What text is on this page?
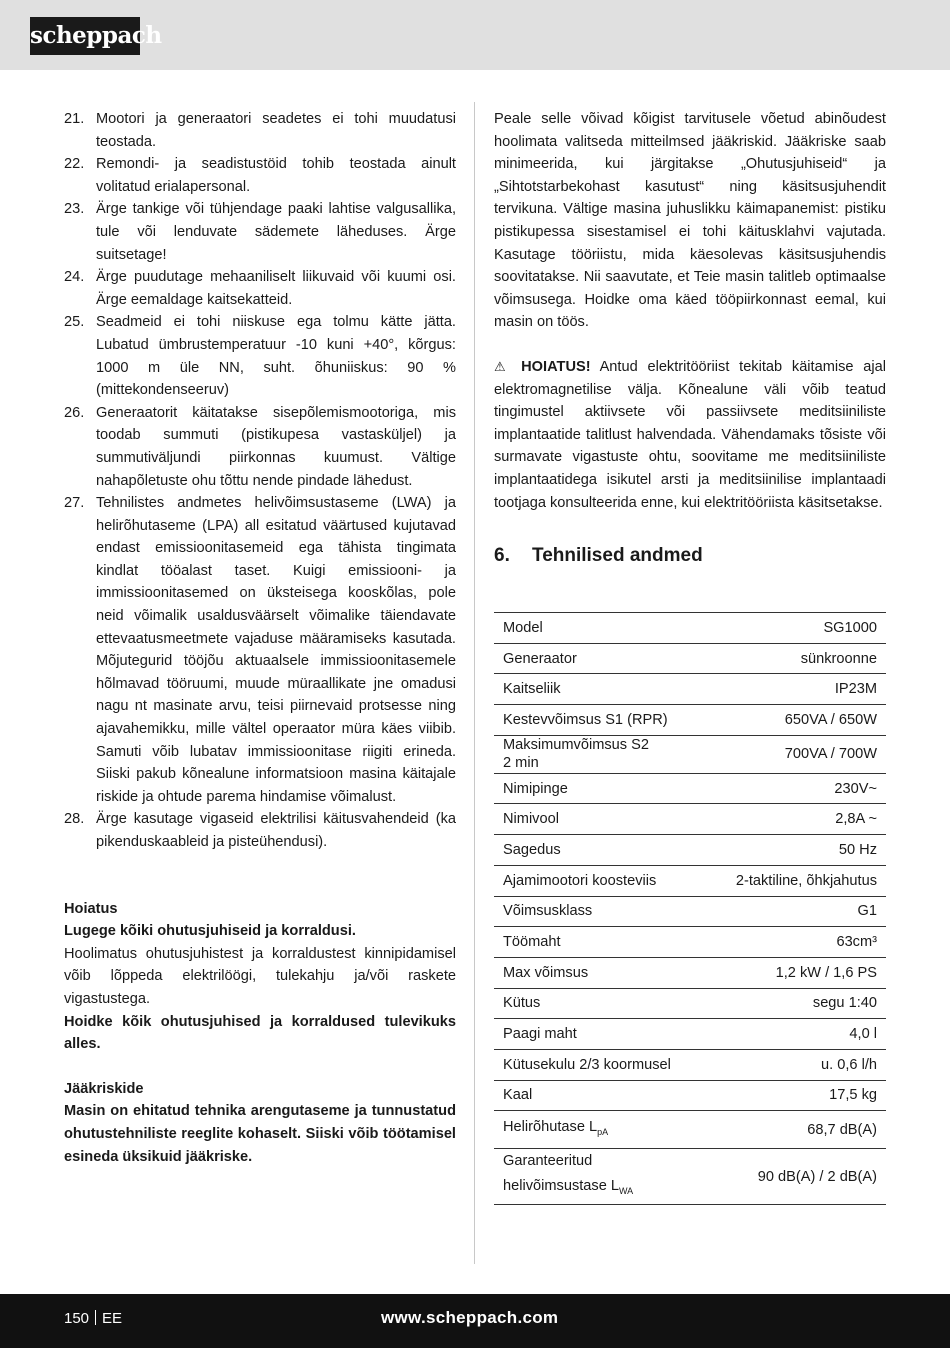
scheppach
21. Mootori ja generaatori seadetes ei tohi muudatusi teostada.
22. Remondi- ja seadistustöid tohib teostada ainult volitatud erialapersonal.
23. Ärge tankige või tühjendage paaki lahtise valgusallika, tule või lenduvate sädemete läheduses. Ärge suitsetage!
24. Ärge puudutage mehaaniliselt liikuvaid või kuumi osi. Ärge eemaldage kaitsekatteid.
25. Seadmeid ei tohi niiskuse ega tolmu kätte jätta. Lubatud ümbrustemperatuur -10 kuni +40°, kõrgus: 1000 m üle NN, suht. õhuniiskus: 90 % (mittekondenseeruv)
26. Generaatorit käitatakse sisepõlemismootoriga, mis toodab summuti (pistikupesa vastasküljel) ja summutiväljundi piirkonnas kuumust. Vältige nahapõletuste ohu tõttu nende pindade lähedust.
27. Tehnilistes andmetes helivõimsustaseme (LWA) ja helirõhutaseme (LPA) all esitatud väärtused kujutavad endast emissioonitasemeid ega tähista tingimata kindlat tööalast taset. Kuigi emissiooni- ja immissioonitasemed on üksteisega kooskõlas, pole neid võimalik usaldusväärselt võimalike täiendavate ettevaatusmeetmete vajaduse määramiseks kasutada. Mõjutegurid tööjõu aktuaalsele immissioonitasemele hõlmavad tööruumi, muude müraallikate jne omadusi nagu nt masinate arvu, teisi piirnevaid protsesse ning ajavahemikku, mille vältel operaator müra käes viibib. Samuti võib lubatav immissioonitase riigiti erineda. Siiski pakub kõnealune informatsioon masina käitajale riskide ja ohtude parema hindamise võimalust.
28. Ärge kasutage vigaseid elektrilisi käitusvahendeid (ka pikenduskaableid ja pisteühendusi).

Hoiatus

Lugege kõiki ohutusjuhiseid ja korraldusi.

Hoolimatus ohutusjuhistest ja korraldustest kinnipidamisel võib lõppeda elektrilöögi, tulekahju ja/või raskete vigastustega.

Hoidke kõik ohutusjuhised ja korraldused tulevikuks alles.

Jääkriskide

Masin on ehitatud tehnika arengutaseme ja tunnustatud ohutustehniliste reeglite kohaselt. Siiski võib töötamisel esineda üksikuid jääkriske.

Peale selle võivad kõigist tarvitusele võetud abinõudest hoolimata valitseda mitteilmsed jääkriskid. Jääkriske saab minimeerida, kui järgitakse „Ohutusjuhiseid“ ja „Sihtotstarbekohast kasutust“ ning käsitsusjuhendit tervikuna. Vältige masina juhuslikku käimapanemist: pistiku pistikupessa sisestamisel ei tohi käitusklahvi vajutada. Kasutage tööriistu, mida käesolevas käsitsusjuhendis soovitatakse. Nii saavutate, et Teie masin talitleb optimaalse võimsusega. Hoidke oma käed tööpiirkonnast eemal, kui masin on töös.

⚠ HOIATUS! Antud elektritööriist tekitab käitamise ajal elektromagnetilise välja. Kõnealune väli võib teatud tingimustel aktiivsete või passiivsete meditsiiniliste implantaatide talitlust halvendada. Vähendamaks tõsiste või surmavate vigastuste ohtu, soovitame me meditsiiniliste implantaatidega isikutel arsti ja meditsiinilise implantaadi tootjaga konsulteerida enne, kui elektritööriista käsitsetakse.

6.	Tehnilised andmed
Model	SG1000
Generaator	sünkroonne
Kaitseliik	IP23M
Kestevvõimsus S1 (RPR)	650VA / 650W
Maksimumvõimsus S2
2 min	700VA / 700W
Nimipinge	230V~
Nimivool	2,8A ~
Sagedus	50 Hz
Ajamimootori koosteviis	2-taktiline, õhkjahutus
Võimsusklass	G1
Töömaht	63cm³
Max võimsus	1,2 kW / 1,6 PS
Kütus	segu 1:40
Paagi maht	4,0 l
Kütusekulu 2/3 koormusel	u. 0,6 l/h
Kaal	17,5 kg
Helirõhutase $L_{pA}$	68,7 dB(A)
Garanteeritud
helivõimsustase $L_{WA}$	90 dB(A) / 2 dB(A)
150 EE	www.scheppach.com
